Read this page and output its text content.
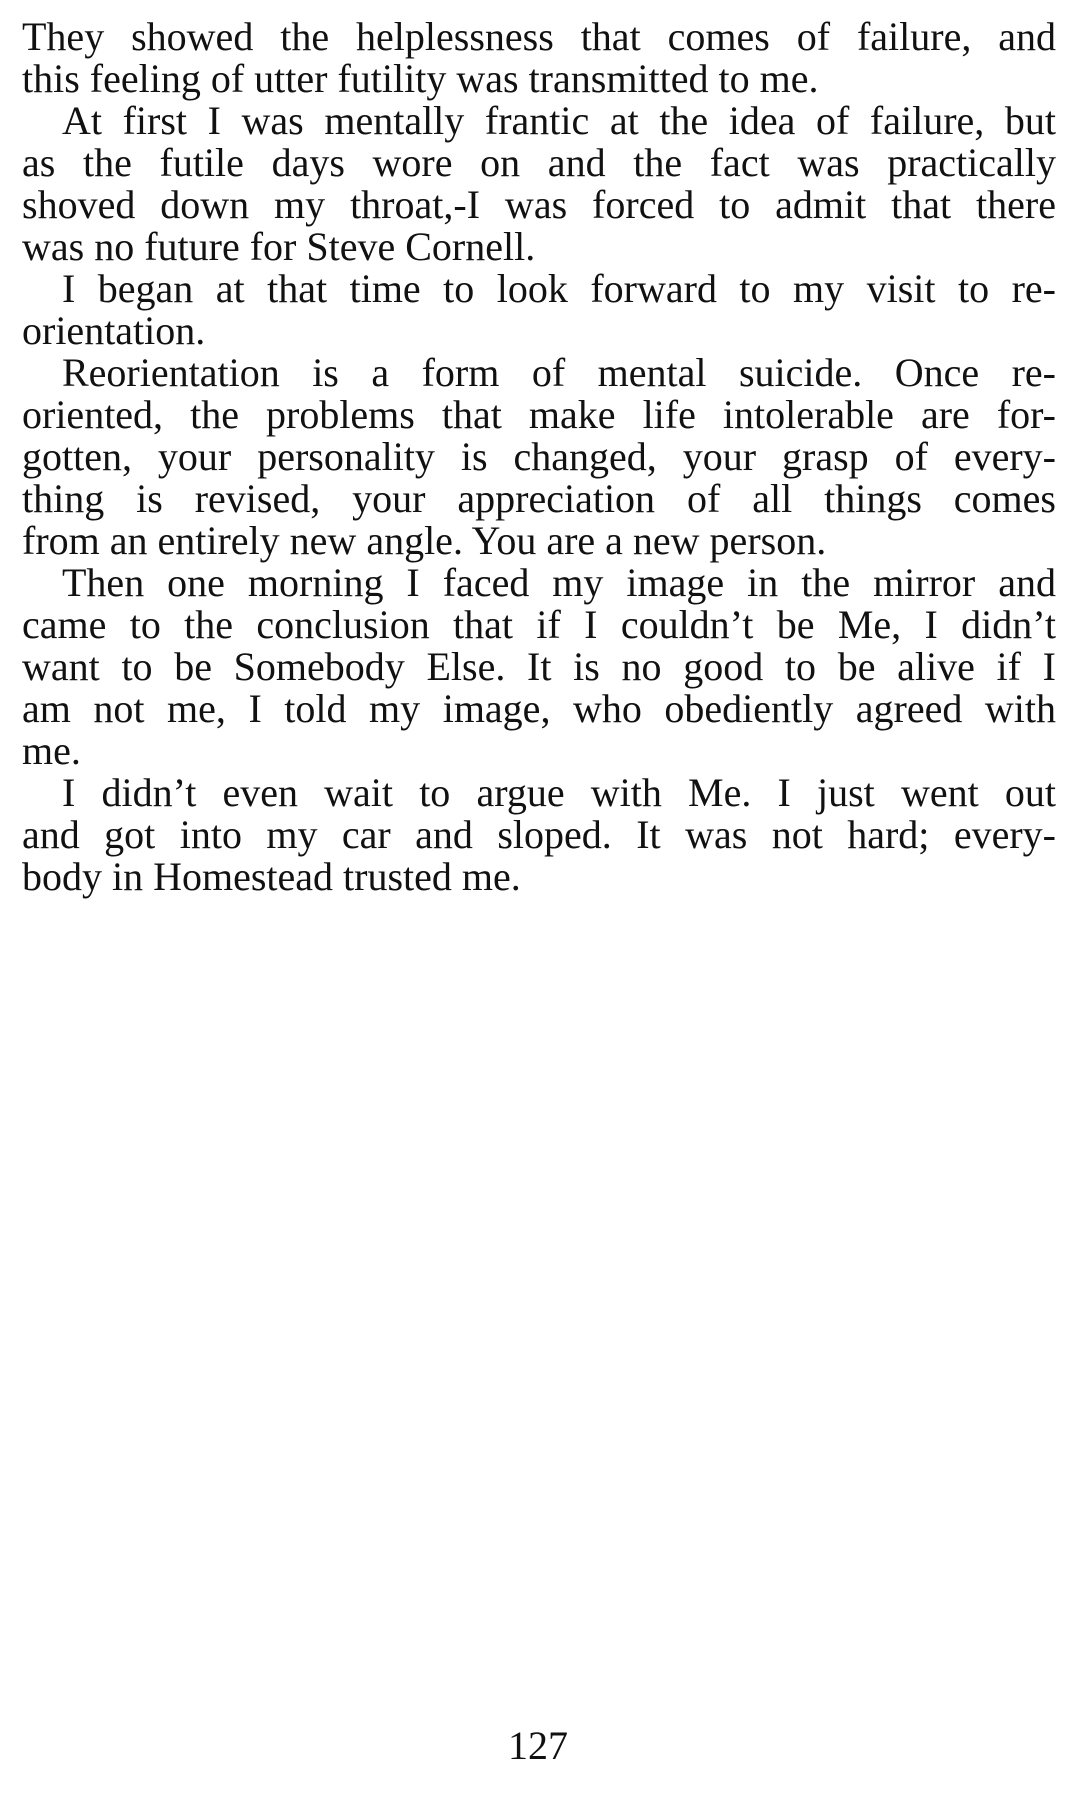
They showed the helplessness that comes of failure, and
this feeling of utter futility was transmitted to me.
At first I was mentally frantic at the idea of failure, but
as the futile days wore on and the fact was practically
shoved down my throat,-I was forced to admit that there
was no future for Steve Cornell.
I began at that time to look forward to my visit to re-
orientation.
Reorientation is a form of mental suicide. Once re-
oriented, the problems that make life intolerable are for-
gotten, your personality is changed, your grasp of every-
thing is revised, your appreciation of all things comes
from an entirely new angle. You are a new person.
Then one morning I faced my image in the mirror and
came to the conclusion that if I couldn’t be Me, I didn’t
want to be Somebody Else. It is no good to be alive if I
am not me, I told my image, who obediently agreed with
me.
I didn’t even wait to argue with Me. I just went out
and got into my car and sloped. It was not hard; every-
body in Homestead trusted me.
127
